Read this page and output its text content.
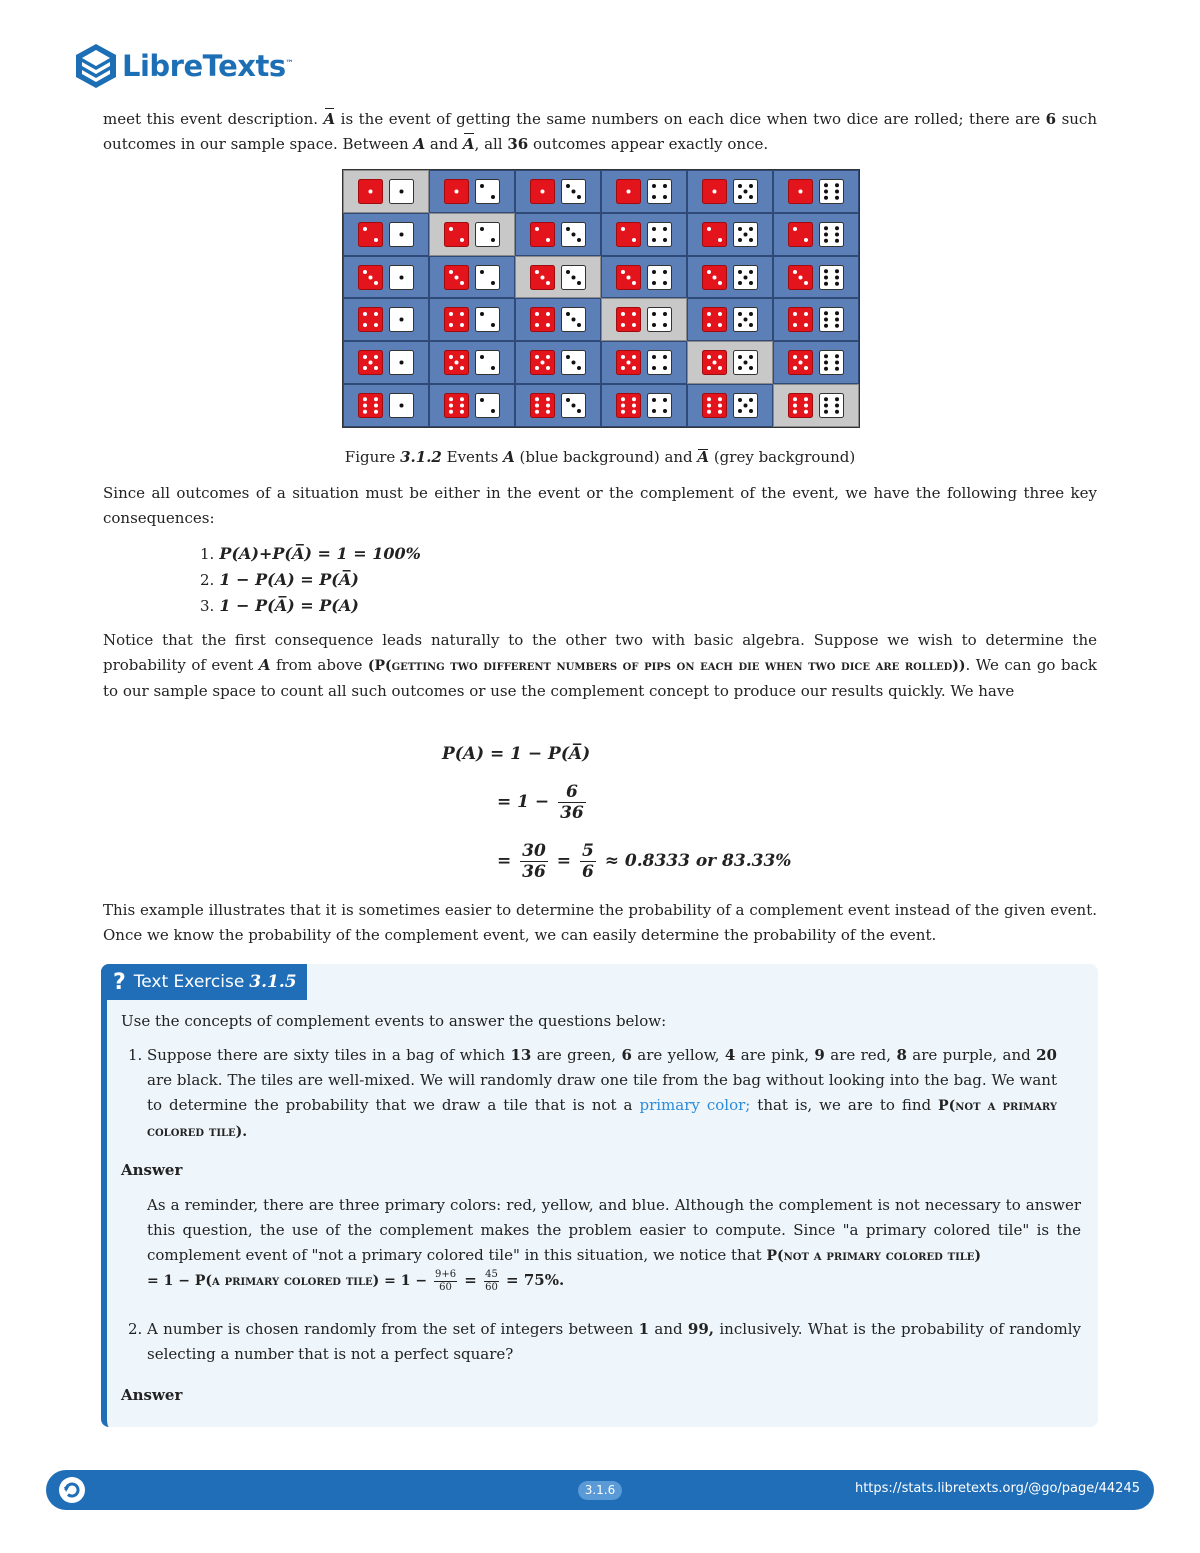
LibreTexts™
meet this event description. A is the event of getting the same numbers on each dice when two dice are rolled; there are 6 such outcomes in our sample space. Between A and A, all 36 outcomes appear exactly once.
Figure 3.1.2 Events A (blue background) and A (grey background)
Since all outcomes of a situation must be either in the event or the complement of the event, we have the following three key consequences:
1. P(A)+P(A̅) = 1 = 100%
2. 1 − P(A) = P(A̅)
3. 1 − P(A̅) = P(A)
Notice that the first consequence leads naturally to the other two with basic algebra. Suppose we wish to determine the probability of event A from above (P(getting two different numbers of pips on each die when two dice are rolled)). We can go back to our sample space to count all such outcomes or use the complement concept to produce our results quickly. We have
P(A) = 1 − P(A̅)
= $1 - \frac{6}{36}$
= $\frac{30}{36} = \frac{5}{6} \approx 0.8333$ or 83.33%
This example illustrates that it is sometimes easier to determine the probability of a complement event instead of the given event. Once we know the probability of the complement event, we can easily determine the probability of the event.
? Text Exercise 3.1.5
Use the concepts of complement events to answer the questions below:
1. Suppose there are sixty tiles in a bag of which 13 are green, 6 are yellow, 4 are pink, 9 are red, 8 are purple, and 20 are black. The tiles are well-mixed. We will randomly draw one tile from the bag without looking into the bag. We want to determine the probability that we draw a tile that is not a primary color; that is, we are to find P(not a primary colored tile).
Answer
As a reminder, there are three primary colors: red, yellow, and blue. Although the complement is not necessary to answer this question, the use of the complement makes the problem easier to compute. Since "a primary colored tile" is the complement event of "not a primary colored tile" in this situation, we notice that P(not a primary colored tile)
= 1 − P(a primary colored tile) = $1 - \frac{9+6}{60} = \frac{45}{60} = 75\%$.
2. A number is chosen randomly from the set of integers between 1 and 99, inclusively. What is the probability of randomly selecting a number that is not a perfect square?
Answer
3.1.6	https://stats.libretexts.org/@go/page/44245
